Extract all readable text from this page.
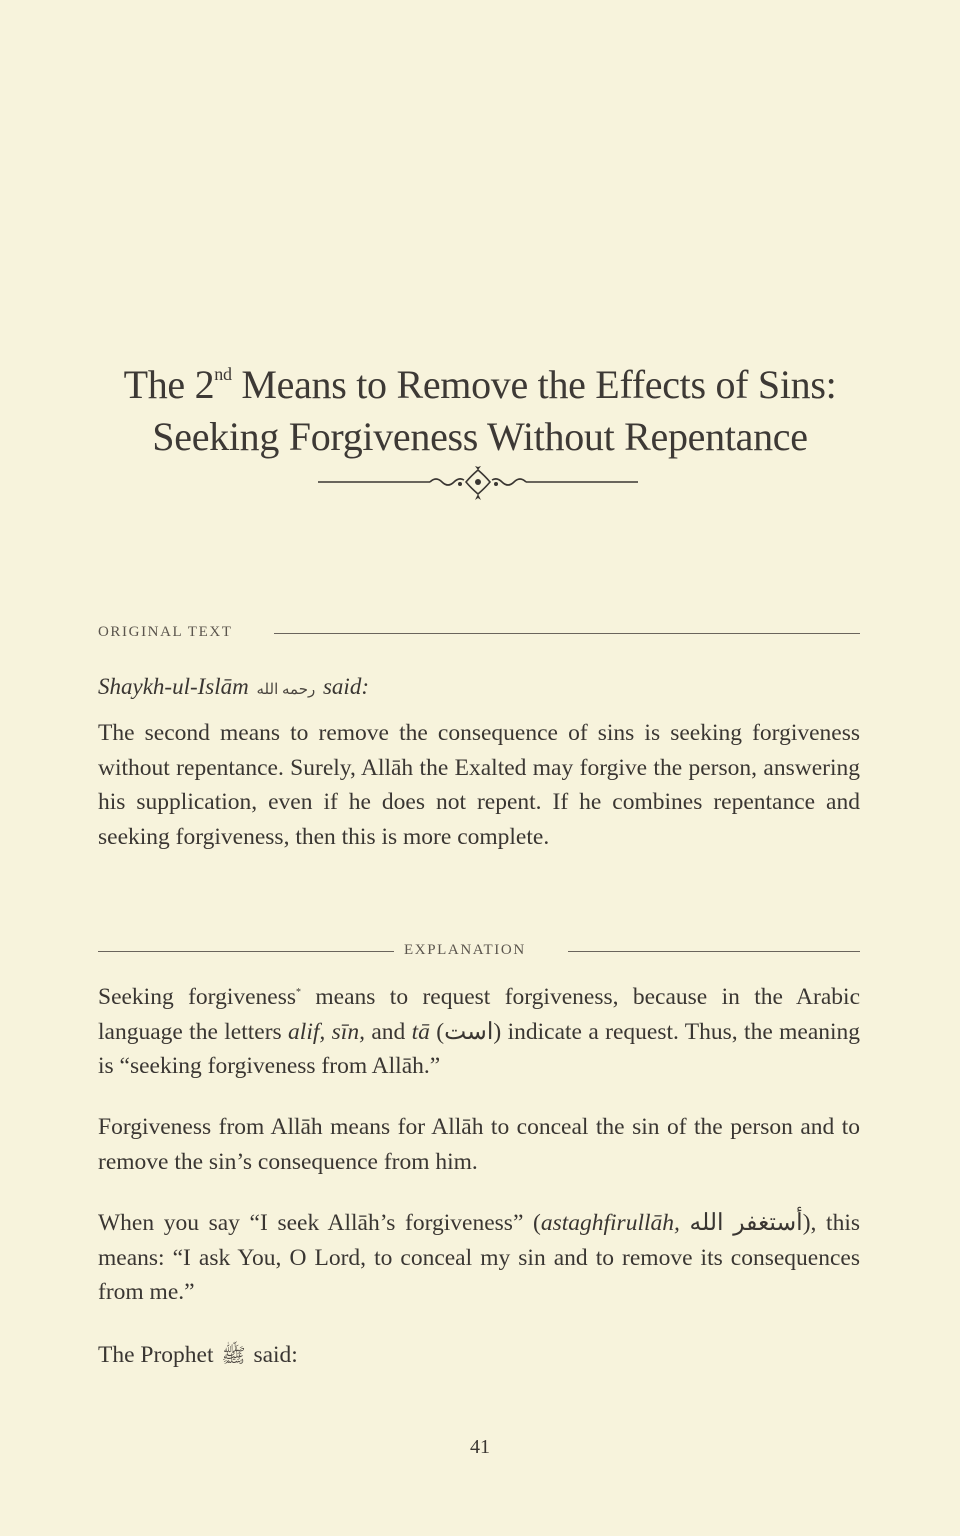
The 2nd Means to Remove the Effects of Sins:
Seeking Forgiveness Without Repentance
ORIGINAL TEXT
Shaykh-ul-Islām رحمه الله said:
The second means to remove the consequence of sins is seeking forgiveness without repentance. Surely, Allāh the Exalted may forgive the person, answering his supplication, even if he does not repent. If he combines repentance and seeking forgiveness, then this is more complete.
EXPLANATION
Seeking forgiveness* means to request forgiveness, because in the Arabic language the letters alif, sīn, and tā (است) indicate a request. Thus, the meaning is “seeking forgiveness from Allāh.”
Forgiveness from Allāh means for Allāh to conceal the sin of the person and to remove the sin’s consequence from him.
When you say “I seek Allāh’s forgiveness” (astaghfirullāh, أستغفر الله), this means: “I ask You, O Lord, to conceal my sin and to remove its consequences from me.”
The Prophet ﷺ said:
41
